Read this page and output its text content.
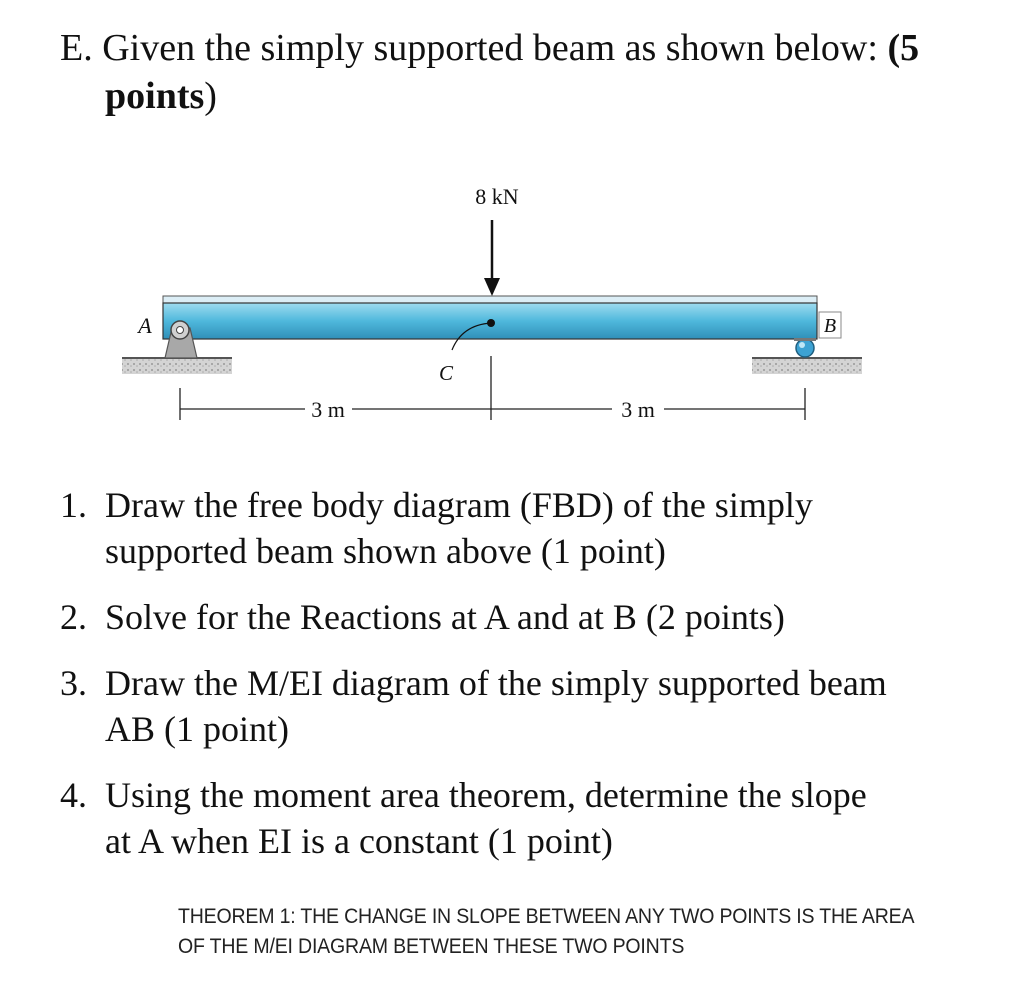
E. Given the simply supported beam as shown below: (5
points)
8 kN
A	B
C
3 m	3 m
1. Draw the free body diagram (FBD) of the simply
supported beam shown above (1 point)
2. Solve for the Reactions at A and at B (2 points)
3. Draw the M/EI diagram of the simply supported beam
AB (1 point)
4. Using the moment area theorem, determine the slope
at A when EI is a constant (1 point)
THEOREM 1: THE CHANGE IN SLOPE BETWEEN ANY TWO POINTS IS THE AREA
OF THE M/EI DIAGRAM BETWEEN THESE TWO POINTS
